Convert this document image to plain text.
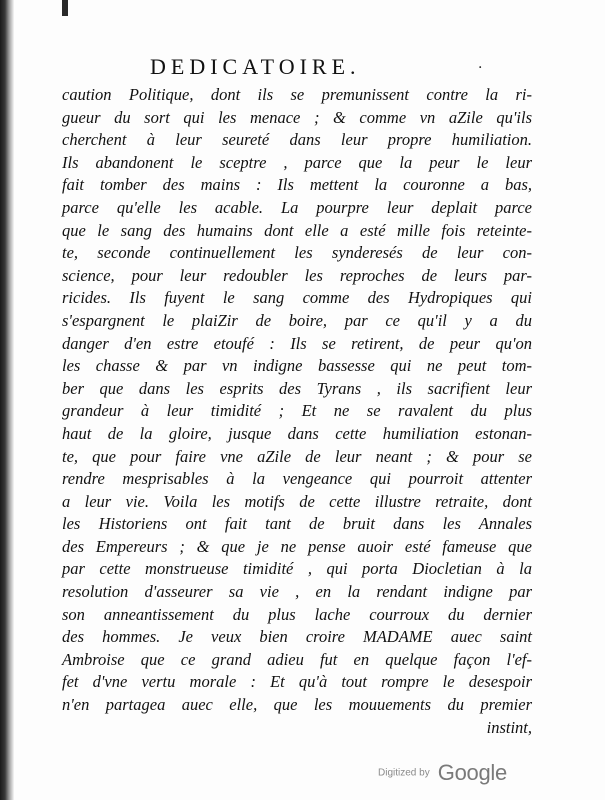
DEDICATOIRE.	·
caution Politique, dont ils se premunissent contre la ri-
gueur du sort qui les menace ; & comme vn aZile qu'ils
cherchent à leur seureté dans leur propre humiliation.
Ils abandonent le sceptre , parce que la peur le leur
fait tomber des mains : Ils mettent la couronne a bas,
parce qu'elle les acable. La pourpre leur deplait parce
que le sang des humains dont elle a esté mille fois reteinte-
te, seconde continuellement les synderesés de leur con-
science, pour leur redoubler les reproches de leurs par-
ricides. Ils fuyent le sang comme des Hydropiques qui
s'espargnent le plaiZir de boire, par ce qu'il y a du
danger d'en estre etoufé : Ils se retirent, de peur qu'on
les chasse & par vn indigne bassesse qui ne peut tom-
ber que dans les esprits des Tyrans , ils sacrifient leur
grandeur à leur timidité ; Et ne se ravalent du plus
haut de la gloire, jusque dans cette humiliation estonan-
te, que pour faire vne aZile de leur neant ; & pour se
rendre mesprisables à la vengeance qui pourroit attenter
a leur vie. Voila les motifs de cette illustre retraite, dont
les Historiens ont fait tant de bruit dans les Annales
des Empereurs ; & que je ne pense auoir esté fameuse que
par cette monstrueuse timidité , qui porta Diocletian à la
resolution d'asseurer sa vie , en la rendant indigne par
son anneantissement du plus lache courroux du dernier
des hommes. Je veux bien croire MADAME auec saint
Ambroise que ce grand adieu fut en quelque façon l'ef-
fet d'vne vertu morale : Et qu'à tout rompre le desespoir
n'en partagea auec elle, que les mouuements du premier
instint,
Digitized by Google
